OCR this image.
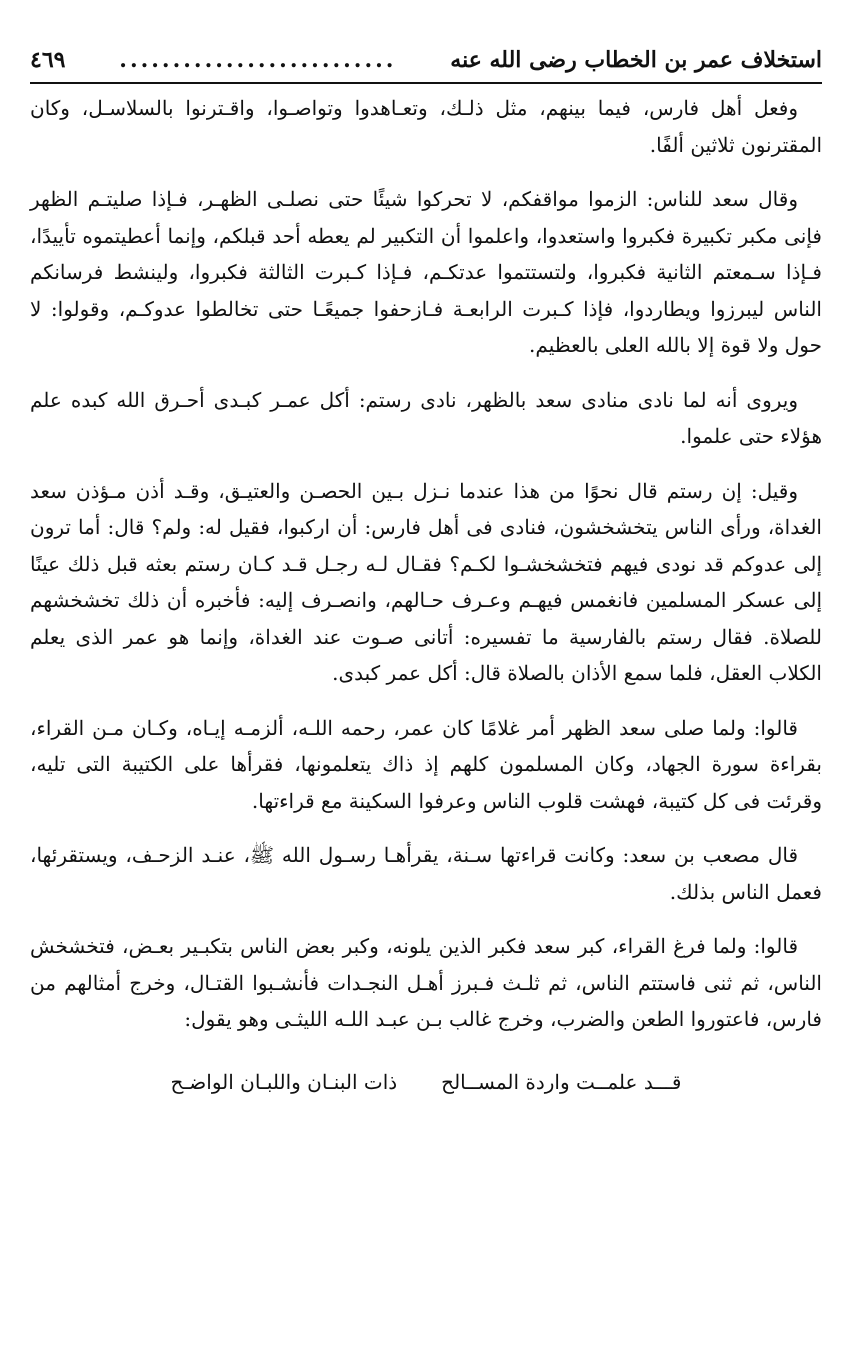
استخلاف عمر بن الخطاب رضى الله عنه
..........................
٤٦٩

وفعل أهل فارس، فيما بينهم، مثل ذلـك، وتعـاهدوا وتواصـوا، واقـترنوا بالسلاسـل، وكان المقترنون ثلاثين ألفًا.

وقال سعد للناس: الزموا مواقفكم، لا تحركوا شيئًا حتى نصلـى الظهـر، فـإذا صليتـم الظهر فإنى مكبر تكبيرة فكبروا واستعدوا، واعلموا أن التكبير لم يعطه أحد قبلكم، وإنما أعطيتموه تأييدًا، فـإذا سـمعتم الثانية فكبروا، ولتستتموا عدتكـم، فـإذا كـبرت الثالثة فكبروا، ولينشط فرسانكم الناس ليبرزوا ويطاردوا، فإذا كـبرت الرابعـة فـازحفوا جميعًـا حتى تخالطوا عدوكـم، وقولوا: لا حول ولا قوة إلا بالله العلى بالعظيم.

ويروى أنه لما نادى منادى سعد بالظهر، نادى رستم: أكل عمـر كبـدى أحـرق الله كبده علم هؤلاء حتى علموا.

وقيل: إن رستم قال نحوًا من هذا عندما نـزل بـين الحصـن والعتيـق، وقـد أذن مـؤذن سعد الغداة، ورأى الناس يتخشخشون، فنادى فى أهل فارس: أن اركبوا، فقيل له: ولم؟ قال: أما ترون إلى عدوكم قد نودى فيهم فتخشخشـوا لكـم؟ فقـال لـه رجـل قـد كـان رستم بعثه قبل ذلك عينًا إلى عسكر المسلمين فانغمس فيهـم وعـرف حـالهم، وانصـرف إليه: فأخبره أن ذلك تخشخشهم للصلاة. فقال رستم بالفارسية ما تفسيره: أتانى صـوت عند الغداة، وإنما هو عمر الذى يعلم الكلاب العقل، فلما سمع الأذان بالصلاة قال: أكل عمر كبدى.

قالوا: ولما صلى سعد الظهر أمر غلامًا كان عمر، رحمه اللـه، ألزمـه إيـاه، وكـان مـن القراء، بقراءة سورة الجهاد، وكان المسلمون كلهم إذ ذاك يتعلمونها، فقرأها على الكتيبة التى تليه، وقرئت فى كل كتيبة، فهشت قلوب الناس وعرفوا السكينة مع قراءتها.

قال مصعب بن سعد: وكانت قراءتها سـنة، يقرأهـا رسـول الله ﷺ، عنـد الزحـف، ويستقرئها، فعمل الناس بذلك.

قالوا: ولما فرغ القراء، كبر سعد فكبر الذين يلونه، وكبر بعض الناس بتكبـير بعـض، فتخشخش الناس، ثم ثنى فاستتم الناس، ثم ثلـث فـبرز أهـل النجـدات فأنشـبوا القتـال، وخرج أمثالهم من فارس، فاعتوروا الطعن والضرب، وخرج غالب بـن عبـد اللـه الليثـى وهو يقول:

قـــد علمــت واردة المســالح
ذات البنـان واللبـان الواضـح
